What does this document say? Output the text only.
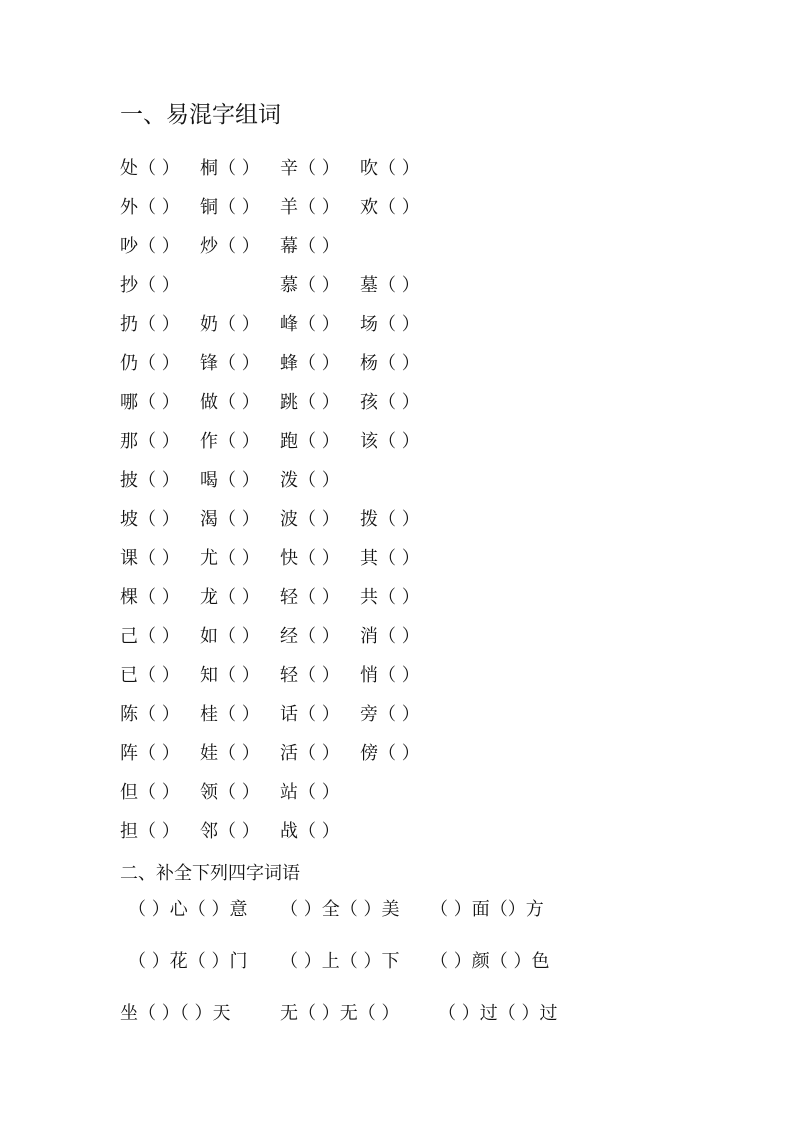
一、易混字组词
处（ ） 桐（ ） 辛（ ） 吹（ ）
外（ ） 铜（ ） 羊（ ） 欢（ ）
吵（ ） 炒（ ） 幕（ ）
抄（ ）	慕（ ） 墓（ ）
扔（ ） 奶（ ） 峰（ ） 场（ ）
仍（ ） 锋（ ） 蜂（ ） 杨（ ）
哪（ ） 做（ ） 跳（ ） 孩（ ）
那（ ） 作（ ） 跑（ ） 该（ ）
披（ ） 喝（ ） 泼（ ）
坡（ ） 渴（ ） 波（ ） 拨（ ）
课（ ） 尤（ ） 快（ ） 其（ ）
棵（ ） 龙（ ） 轻（ ） 共（ ）
己（ ） 如（ ） 经（ ） 消（ ）
已（ ） 知（ ） 轻（ ） 悄（ ）
陈（ ） 桂（ ） 话（ ） 旁（ ）
阵（ ） 娃（ ） 活（ ） 傍（ ）
但（ ） 领（ ） 站（ ）
担（ ） 邻（ ） 战（ ）
二、补全下列四字词语
（ ）心（ ）意 （ ）全（ ）美 （ ）面（）方
（ ）花（ ）门 （ ）上（ ）下 （ ）颜（ ）色
坐（ ）（ ）天	无（ ）无（ ） （ ）过（ ）过
